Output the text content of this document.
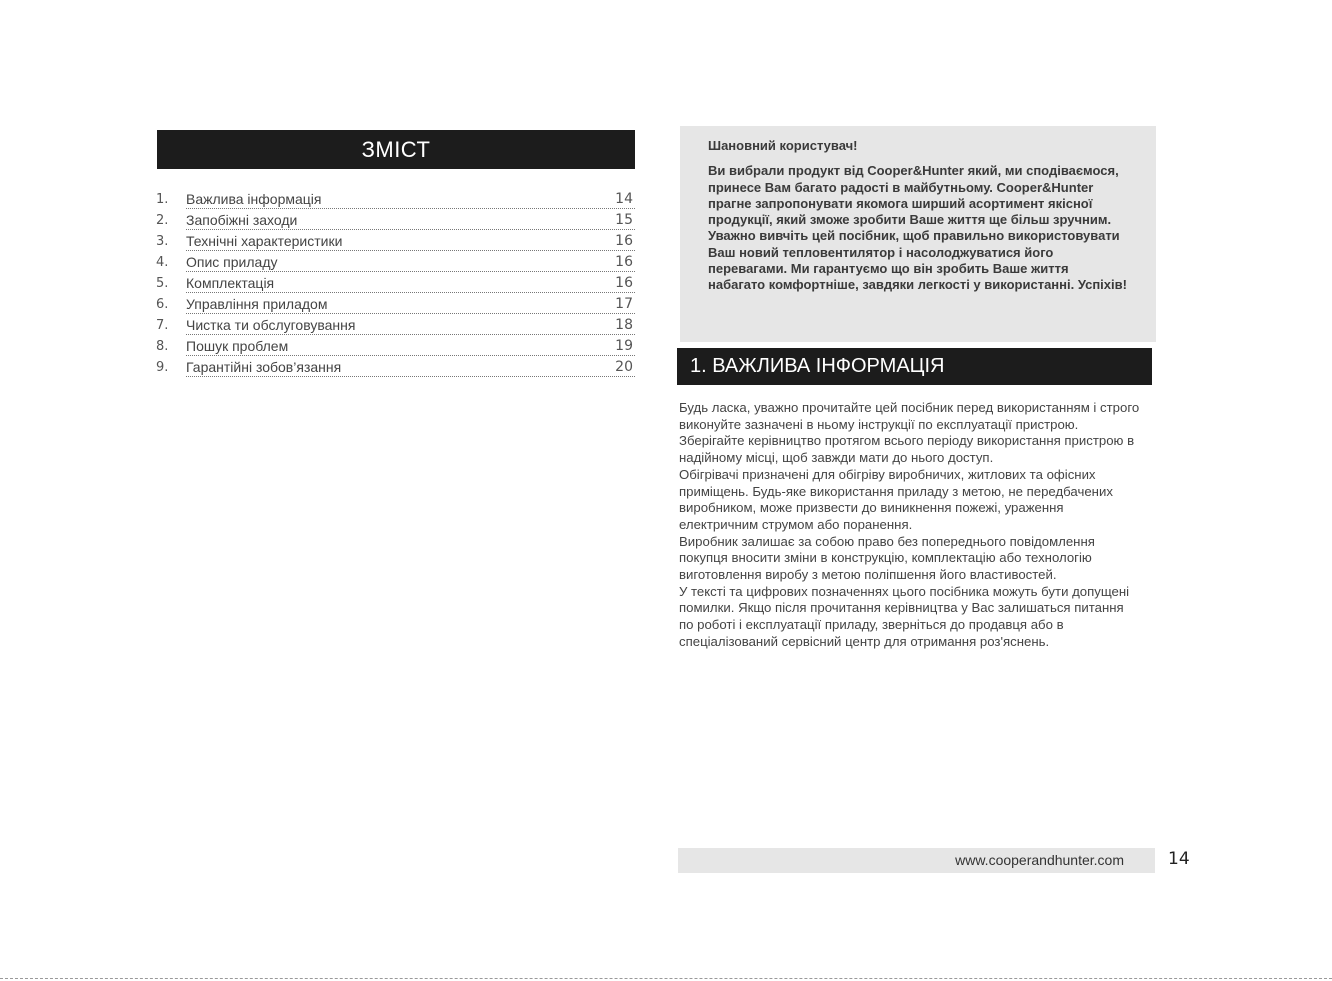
ЗМІСТ
1. Важлива інформація	14
2. Запобіжні заходи	15
3. Технічні характеристики	16
4. Опис приладу	16
5. Комплектація	16
6. Управління приладом	17
7. Чистка ти обслуговування	18
8. Пошук проблем	19
9. Гарантійні зобов’язання	20

Шановний користувач!

Ви вибрали продукт від Cooper&Hunter який, ми сподіваємося, принесе Вам багато радості в майбутньому. Cooper&Hunter прагне запропонувати якомога ширший асортимент якісної продукції, який зможе зробити Ваше життя ще більш зручним. Уважно вивчіть цей посібник, щоб правильно використовувати Ваш новий тепловентилятор і насолоджуватися його перевагами. Ми гарантуємо що він зробить Ваше життя набагато комфортніше, завдяки легкості у використанні. Успіхів!

1. ВАЖЛИВА ІНФОРМАЦІЯ

Будь ласка, уважно прочитайте цей посібник перед використанням і строго виконуйте зазначені в ньому інструкції по експлуатації пристрою. Зберігайте керівництво протягом всього періоду використання пристрою в надійному місці, щоб завжди мати до нього доступ.

Обігрівачі призначені для обігріву виробничих, житлових та офісних приміщень. Будь-яке використання приладу з метою, не передбачених виробником, може призвести до виникнення пожежі, ураження електричним струмом або поранення.

Виробник залишає за собою право без попереднього повідомлення покупця вносити зміни в конструкцію, комплектацію або технологію виготовлення виробу з метою поліпшення його властивостей.

У тексті та цифрових позначеннях цього посібника можуть бути допущені помилки. Якщо після прочитання керівництва у Вас залишаться питання по роботі і експлуатації приладу, зверніться до продавця або в спеціалізований сервісний центр для отримання роз'яснень.

www.cooperandhunter.com	14
